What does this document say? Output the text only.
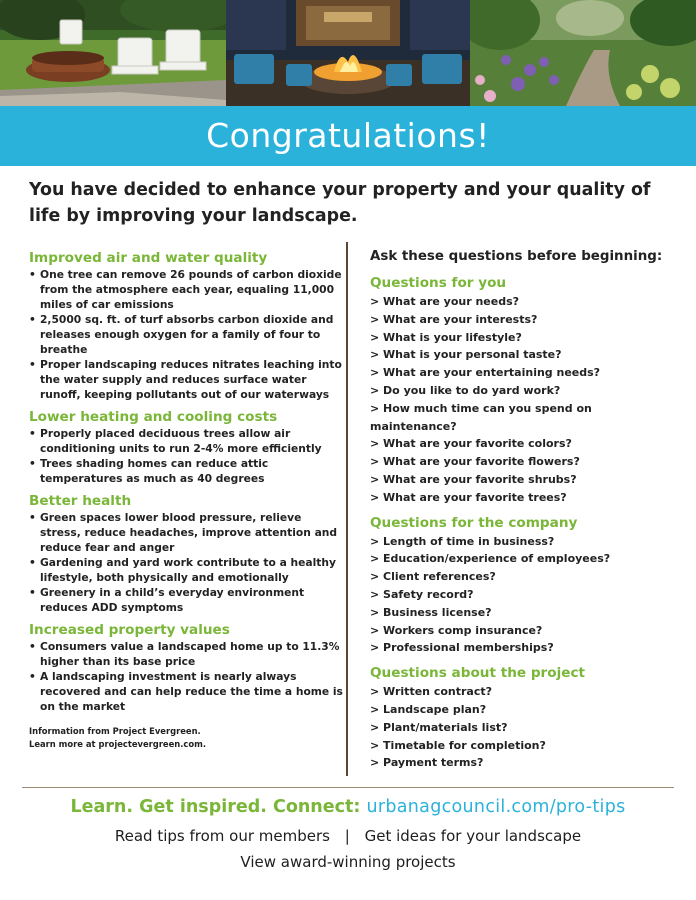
Congratulations!

You have decided to enhance your property and your quality of life by improving your landscape.

Improved air and water quality
• One tree can remove 26 pounds of carbon dioxide from the atmosphere each year, equaling 11,000 miles of car emissions
• 2,5000 sq. ft. of turf absorbs carbon dioxide and releases enough oxygen for a family of four to breathe
• Proper landscaping reduces nitrates leaching into the water supply and reduces surface water runoff, keeping pollutants out of our waterways
Lower heating and cooling costs
• Properly placed deciduous trees allow air conditioning units to run 2-4% more efficiently
• Trees shading homes can reduce attic temperatures as much as 40 degrees
Better health
• Green spaces lower blood pressure, relieve stress, reduce headaches, improve attention and reduce fear and anger
• Gardening and yard work contribute to a healthy lifestyle, both physically and emotionally
• Greenery in a child’s everyday environment reduces ADD symptoms
Increased property values
• Consumers value a landscaped home up to 11.3% higher than its base price
• A landscaping investment is nearly always recovered and can help reduce the time a home is on the market

Information from Project Evergreen.
Learn more at projectevergreen.com.

Ask these questions before beginning:
Questions for you
> What are your needs?
> What are your interests?
> What is your lifestyle?
> What is your personal taste?
> What are your entertaining needs?
> Do you like to do yard work?
> How much time can you spend on maintenance?
> What are your favorite colors?
> What are your favorite flowers?
> What are your favorite shrubs?
> What are your favorite trees?
Questions for the company
> Length of time in business?
> Education/experience of employees?
> Client references?
> Safety record?
> Business license?
> Workers comp insurance?
> Professional memberships?
Questions about the project
> Written contract?
> Landscape plan?
> Plant/materials list?
> Timetable for completion?
> Payment terms?
Learn. Get inspired. Connect: urbanagcouncil.com/pro-tips
Read tips from our members | Get ideas for your landscape
View award-winning projects
